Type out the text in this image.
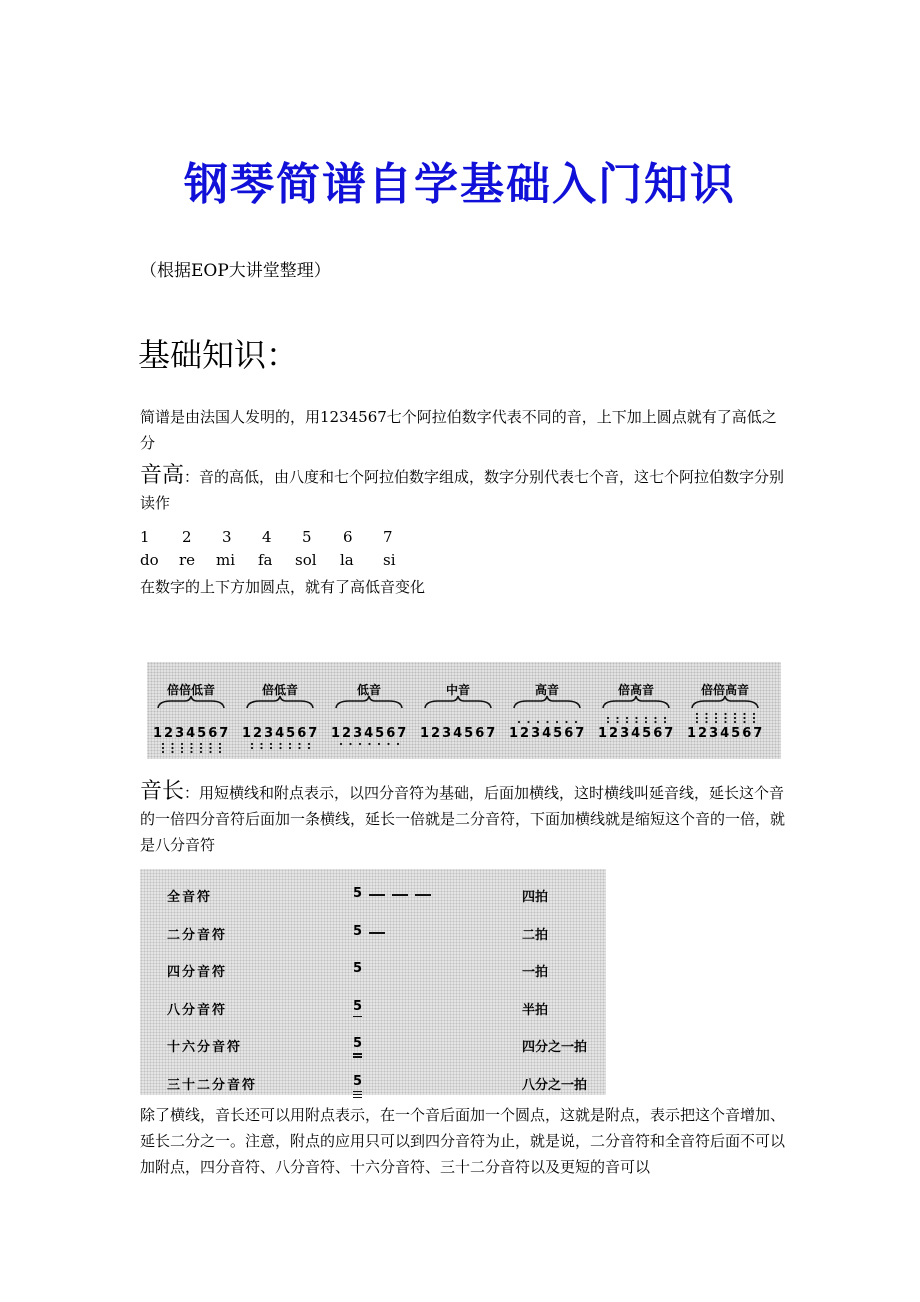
钢琴简谱自学基础入门知识
（根据EOP大讲堂整理）
基础知识：
简谱是由法国人发明的，用1234567七个阿拉伯数字代表不同的音，上下加上圆点就有了高低之分
音高：音的高低，由八度和七个阿拉伯数字组成，数字分别代表七个音，这七个阿拉伯数字分别读作
1 2 3 4 5 6 7
do re mi fa sol la si
在数字的上下方加圆点，就有了高低音变化
倍倍低音
1234567
倍低音
1234567
低音
1234567
中音
1234567
高音
1234567
倍高音
1234567
倍倍高音
1234567
音长：用短横线和附点表示，以四分音符为基础，后面加横线，这时横线叫延音线，延长这个音的一倍四分音符后面加一条横线，延长一倍就是二分音符，下面加横线就是缩短这个音的一倍，就是八分音符
全音符	5	四拍
二分音符	5	二拍
四分音符	5	一拍
八分音符	5	半拍
十六分音符	5	四分之一拍
三十二分音符	5	八分之一拍
除了横线，音长还可以用附点表示，在一个音后面加一个圆点，这就是附点，表示把这个音增加、延长二分之一。注意，附点的应用只可以到四分音符为止，就是说，二分音符和全音符后面不可以加附点，四分音符、八分音符、十六分音符、三十二分音符以及更短的音可以
